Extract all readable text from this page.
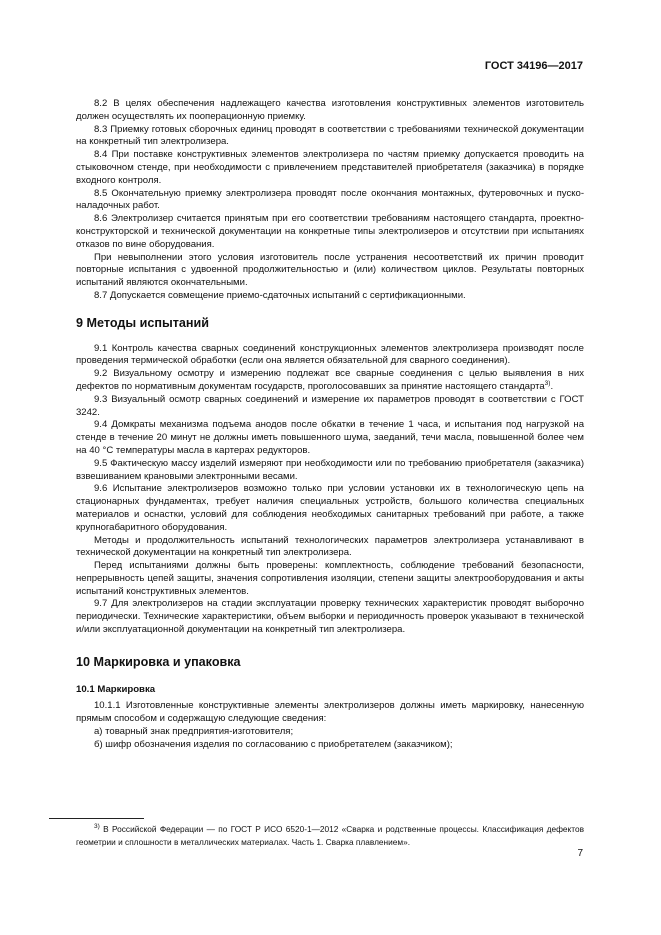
ГОСТ 34196—2017

8.2 В целях обеспечения надлежащего качества изготовления конструктивных элементов изготовитель должен осуществлять их пооперационную приемку.

8.3 Приемку готовых сборочных единиц проводят в соответствии с требованиями технической документации на конкретный тип электролизера.

8.4 При поставке конструктивных элементов электролизера по частям приемку допускается проводить на стыковочном стенде, при необходимости с привлечением представителей приобретателя (заказчика) в порядке входного контроля.

8.5 Окончательную приемку электролизера проводят после окончания монтажных, футеровочных и пуско-наладочных работ.

8.6 Электролизер считается принятым при его соответствии требованиям настоящего стандарта, проектно-конструкторской и технической документации на конкретные типы электролизеров и отсутствии при испытаниях отказов по вине оборудования.

При невыполнении этого условия изготовитель после устранения несоответствий их причин проводит повторные испытания с удвоенной продолжительностью и (или) количеством циклов. Результаты повторных испытаний являются окончательными.

8.7 Допускается совмещение приемо-сдаточных испытаний с сертификационными.

9 Методы испытаний

9.1 Контроль качества сварных соединений конструкционных элементов электролизера производят после проведения термической обработки (если она является обязательной для сварного соединения).

9.2 Визуальному осмотру и измерению подлежат все сварные соединения с целью выявления в них дефектов по нормативным документам государств, проголосовавших за принятие настоящего стандарта$^{3)}$.

9.3 Визуальный осмотр сварных соединений и измерение их параметров проводят в соответствии с ГОСТ 3242.

9.4 Домкраты механизма подъема анодов после обкатки в течение 1 часа, и испытания под нагрузкой на стенде в течение 20 минут не должны иметь повышенного шума, заеданий, течи масла, повышенной более чем на 40 °С температуры масла в картерах редукторов.

9.5 Фактическую массу изделий измеряют при необходимости или по требованию приобретателя (заказчика) взвешиванием крановыми электронными весами.

9.6 Испытание электролизеров возможно только при условии установки их в технологическую цепь на стационарных фундаментах, требует наличия специальных устройств, большого количества специальных материалов и оснастки, условий для соблюдения необходимых санитарных требований при работе, а также крупногабаритного оборудования.

Методы и продолжительность испытаний технологических параметров электролизера устанавливают в технической документации на конкретный тип электролизера.

Перед испытаниями должны быть проверены: комплектность, соблюдение требований безопасности, непрерывность цепей защиты, значения сопротивления изоляции, степени защиты электрооборудования и акты испытаний конструктивных элементов.

9.7 Для электролизеров на стадии эксплуатации проверку технических характеристик проводят выборочно периодически. Технические характеристики, объем выборки и периодичность проверок указывают в технической и/или эксплуатационной документации на конкретный тип электролизера.

10 Маркировка и упаковка
10.1 Маркировка

10.1.1 Изготовленные конструктивные элементы электролизеров должны иметь маркировку, нанесенную прямым способом и содержащую следующие сведения:

а) товарный знак предприятия-изготовителя;

б) шифр обозначения изделия по согласованию с приобретателем (заказчиком);

$^{3)}$ В Российской Федерации — по ГОСТ Р ИСО 6520-1—2012 «Сварка и родственные процессы. Классификация дефектов геометрии и сплошности в металлических материалах. Часть 1. Сварка плавлением».
7
